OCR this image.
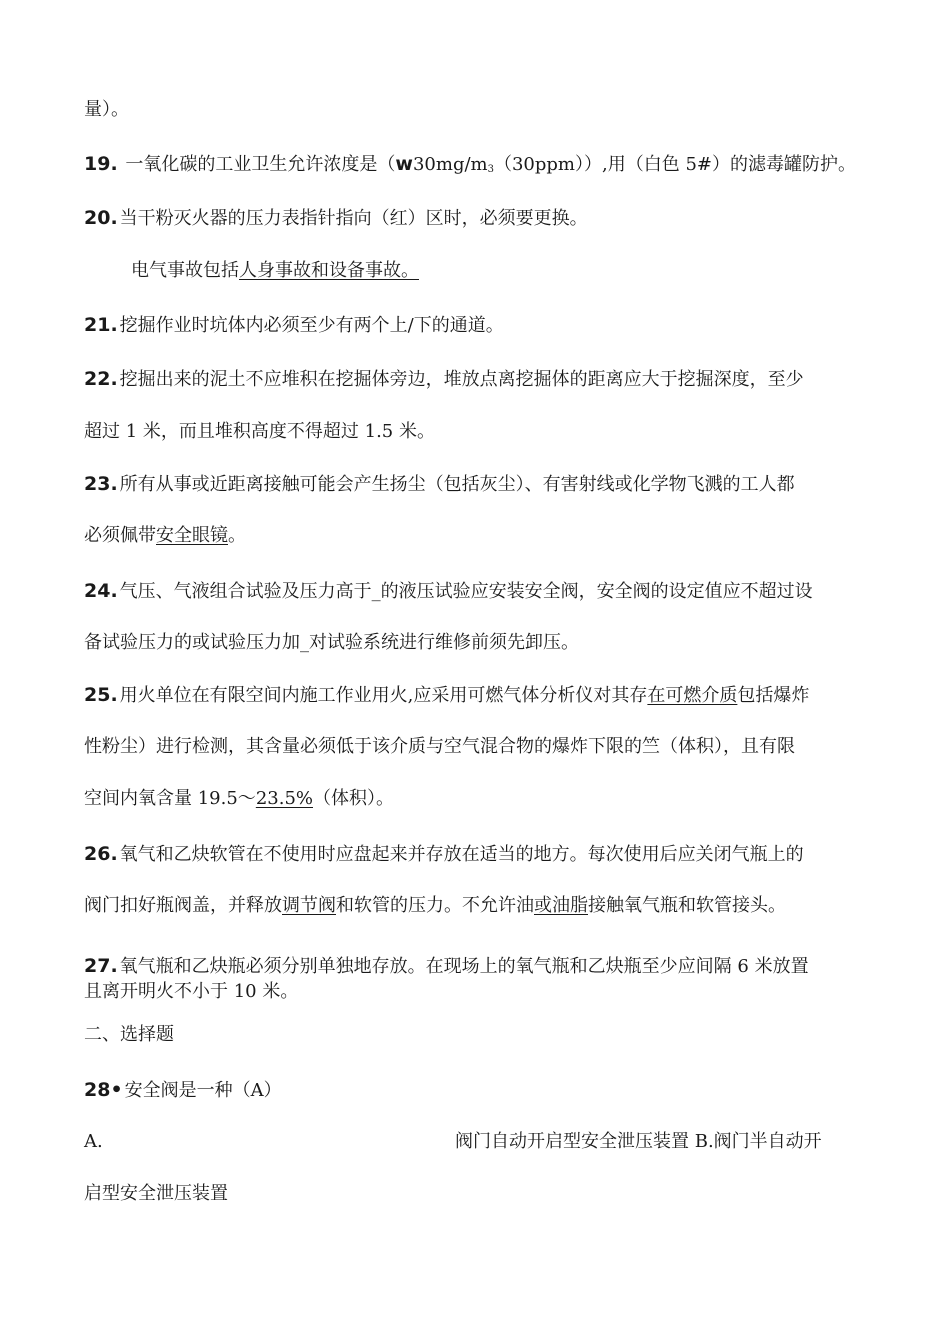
量）。
19. 一氧化碳的工业卫生允许浓度是$(w30mg/m_3(30ppm))$,用（白色 5#）的滤毒罐防护。
20. 当干粉灭火器的压力表指针指向（红）区时，必须要更换。
电气事故包括人身事故和设备事故。
21. 挖掘作业时坑体内必须至少有两个上/下的通道。
22. 挖掘出来的泥土不应堆积在挖掘体旁边，堆放点离挖掘体的距离应大于挖掘深度，至少
超过 1 米，而且堆积高度不得超过 1.5 米。
23. 所有从事或近距离接触可能会产生扬尘（包括灰尘）、有害射线或化学物飞溅的工人都
必须佩带安全眼镜。
24. 气压、气液组合试验及压力高于_的液压试验应安装安全阀，安全阀的设定值应不超过设
备试验压力的或试验压力加_对试验系统进行维修前须先卸压。
25. 用火单位在有限空间内施工作业用火,应采用可燃气体分析仪对其存在可燃介质包括爆炸
性粉尘）进行检测，其含量必须低于该介质与空气混合物的爆炸下限的竺（体积），且有限
空间内氧含量 19.5～23.5%（体积）。
26. 氧气和乙炔软管在不使用时应盘起来并存放在适当的地方。每次使用后应关闭气瓶上的
阀门扣好瓶阀盖，并释放调节阀和软管的压力。不允许油或油脂接触氧气瓶和软管接头。
27. 氧气瓶和乙炔瓶必须分别单独地存放。在现场上的氧气瓶和乙炔瓶至少应间隔 6 米放置
且离开明火不小于 10 米。
二、选择题
28• 安全阀是一种（A）
A.	阀门自动开启型安全泄压装置 B.阀门半自动开
启型安全泄压装置
